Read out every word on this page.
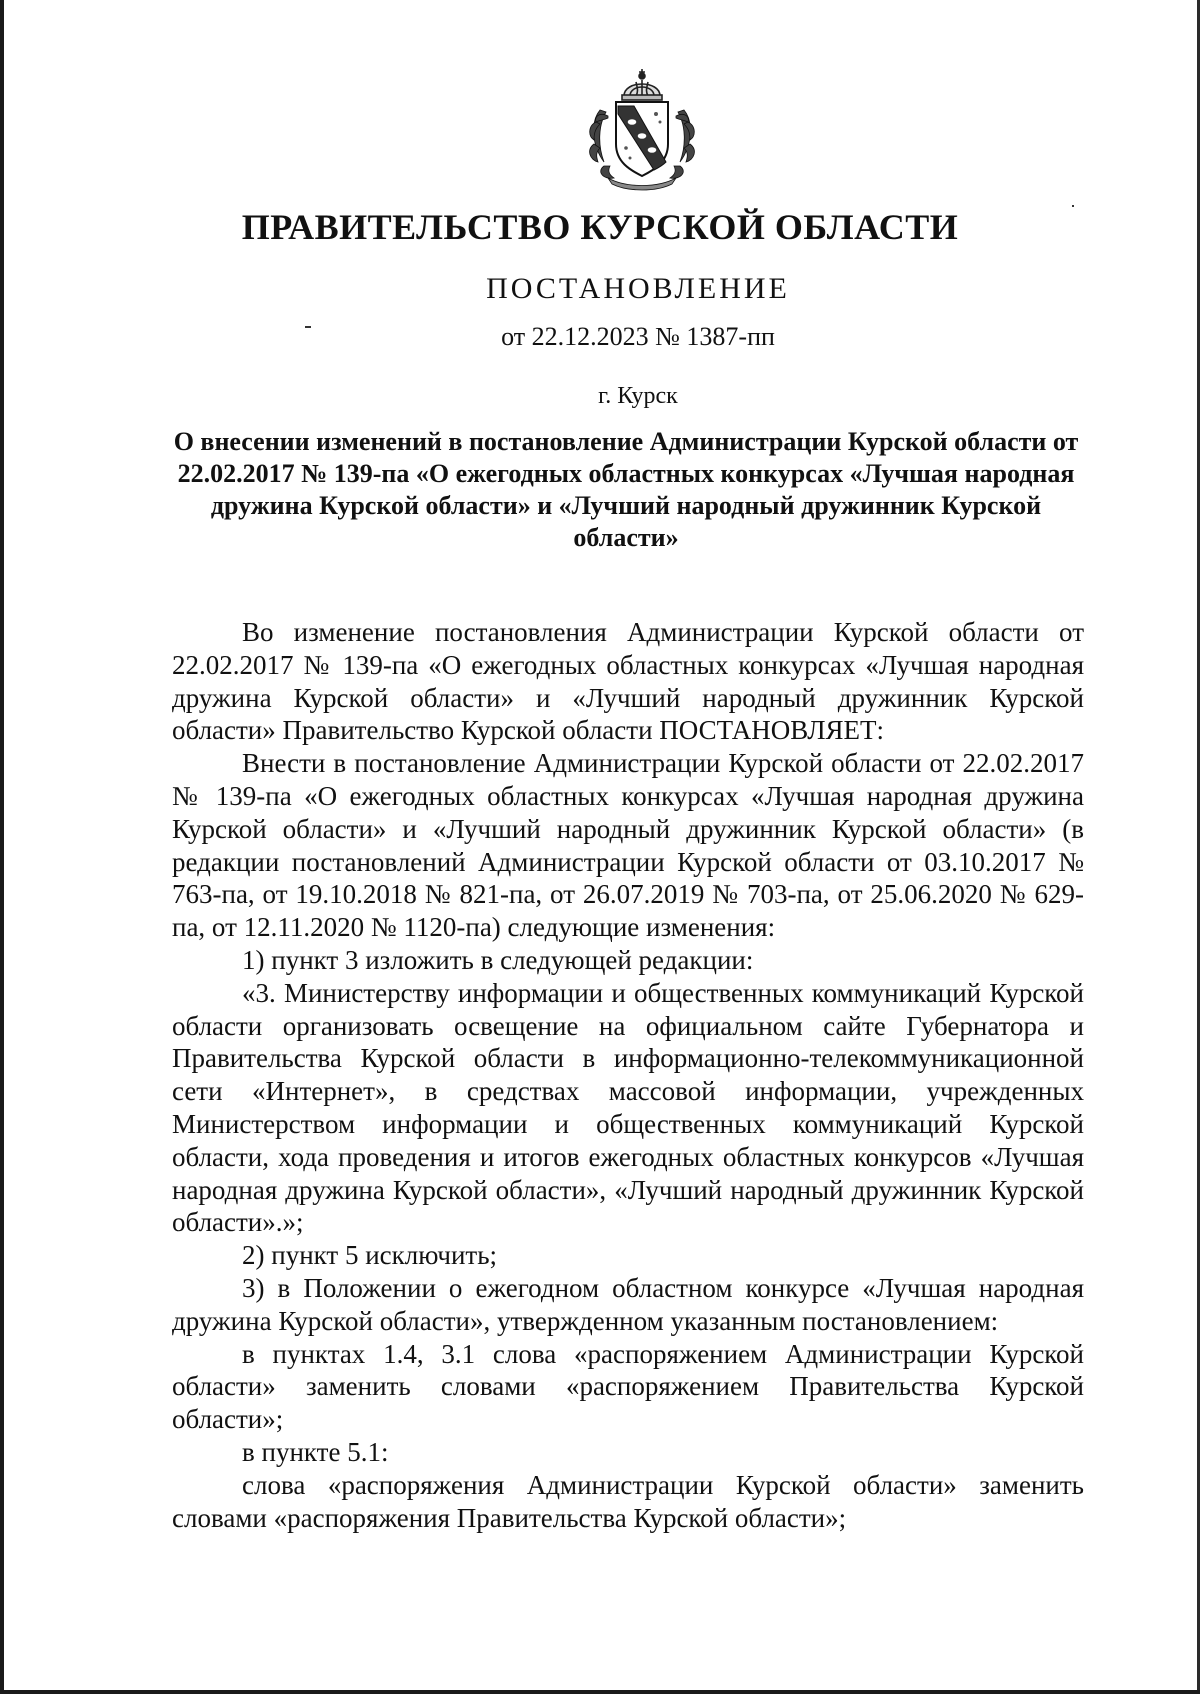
ПРАВИТЕЛЬСТВО КУРСКОЙ ОБЛАСТИ
ПОСТАНОВЛЕНИЕ
от 22.12.2023 № 1387-пп
г. Курск
О внесении изменений в постановление Администрации Курской области от 22.02.2017 № 139-па «О ежегодных областных конкурсах «Лучшая народная дружина Курской области» и «Лучший народный дружинник Курской области»

Во изменение постановления Администрации Курской области от 22.02.2017 № 139-па «О ежегодных областных конкурсах «Лучшая народная дружина Курской области» и «Лучший народный дружинник Курской области» Правительство Курской области ПОСТАНОВЛЯЕТ:

Внести в постановление Администрации Курской области от 22.02.2017 № 139-па «О ежегодных областных конкурсах «Лучшая народная дружина Курской области» и «Лучший народный дружинник Курской области» (в редакции постановлений Администрации Курской области от 03.10.2017 № 763-па, от 19.10.2018 № 821-па, от 26.07.2019 № 703-па, от 25.06.2020 № 629-па, от 12.11.2020 № 1120-па) следующие изменения:

1) пункт 3 изложить в следующей редакции:

«3. Министерству информации и общественных коммуникаций Курской области организовать освещение на официальном сайте Губернатора и Правительства Курской области в информационно-телекоммуникационной сети «Интернет», в средствах массовой информации, учрежденных Министерством информации и общественных коммуникаций Курской области, хода проведения и итогов ежегодных областных конкурсов «Лучшая народная дружина Курской области», «Лучший народный дружинник Курской области».»;

2) пункт 5 исключить;

3) в Положении о ежегодном областном конкурсе «Лучшая народная дружина Курской области», утвержденном указанным постановлением:

в пунктах 1.4, 3.1 слова «распоряжением Администрации Курской области» заменить словами «распоряжением Правительства Курской области»;

в пункте 5.1:

слова «распоряжения Администрации Курской области» заменить словами «распоряжения Правительства Курской области»;
